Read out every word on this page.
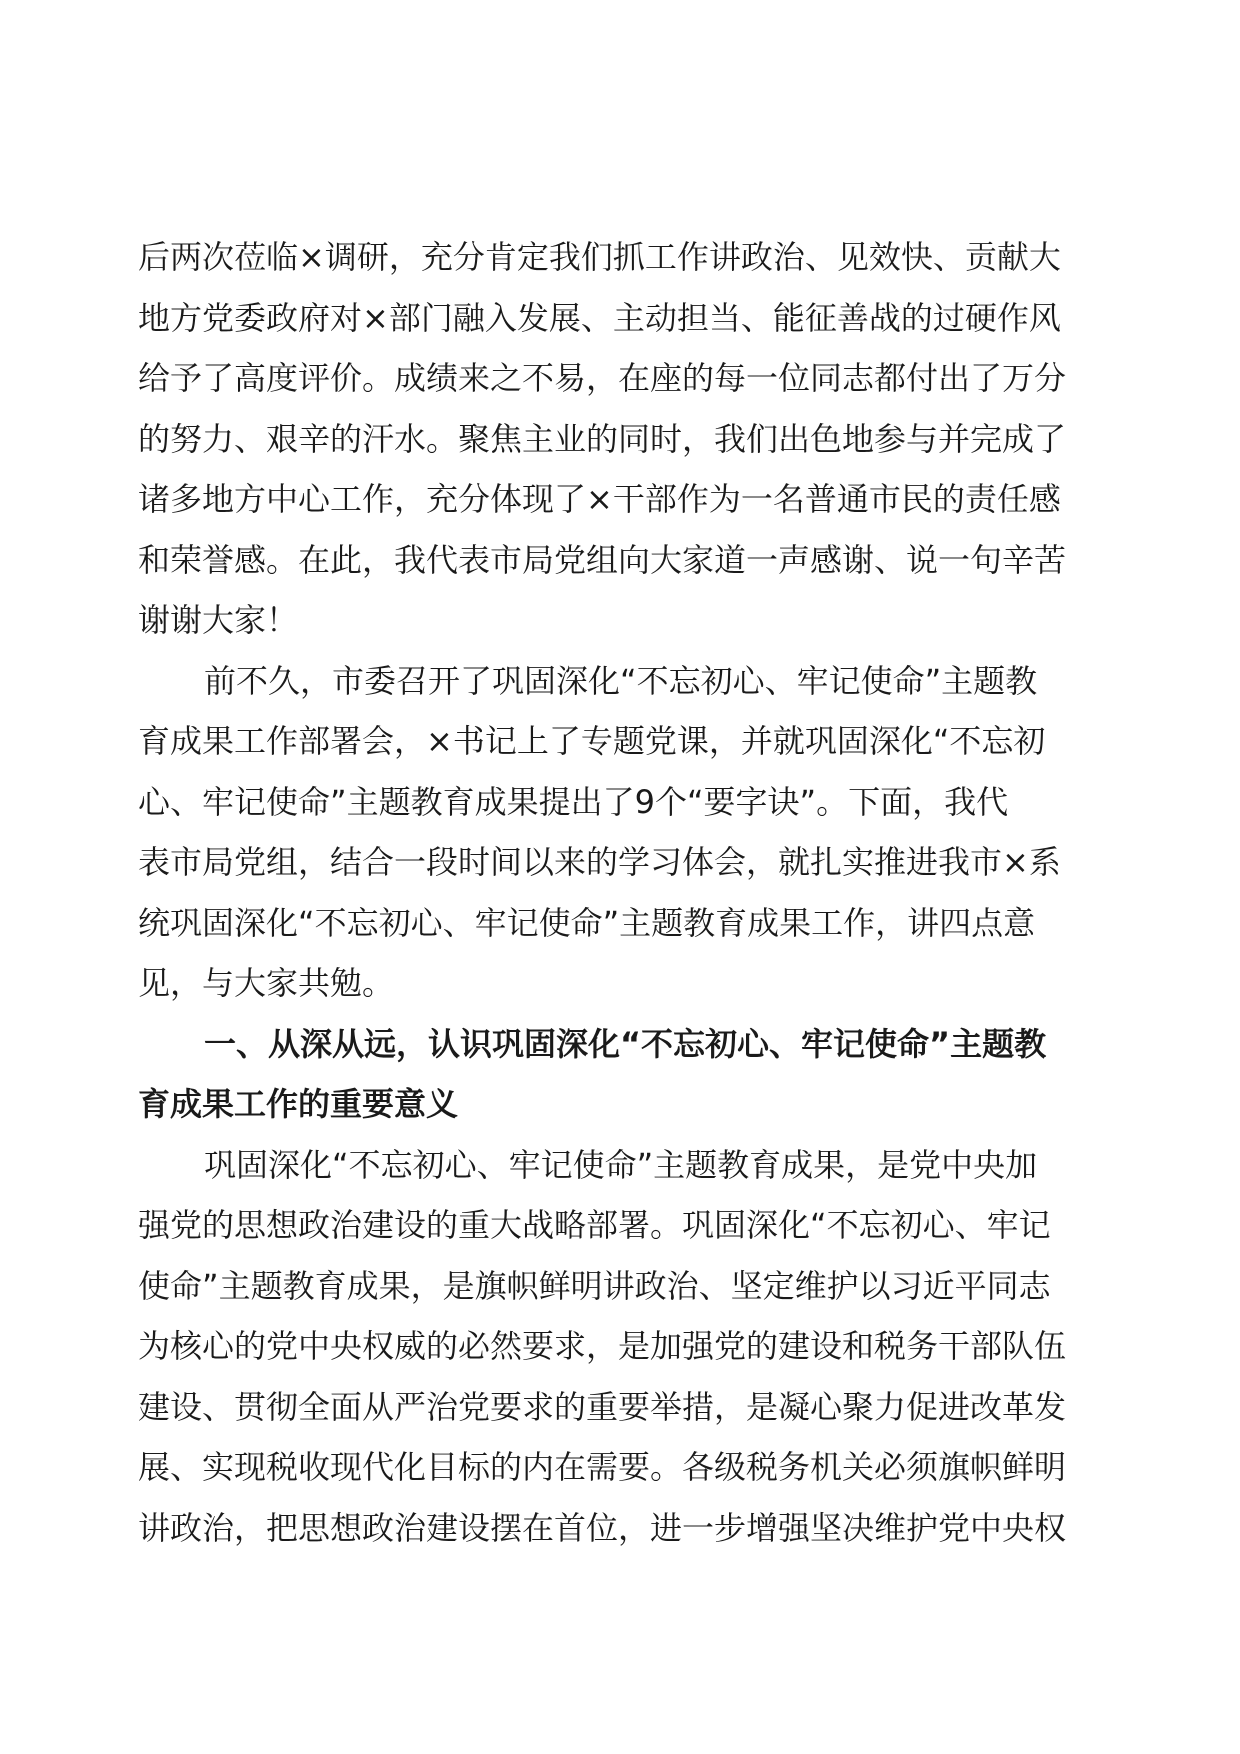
后两次莅临×调研，充分肯定我们抓工作讲政治、见效快、贡献大
地方党委政府对×部门融入发展、主动担当、能征善战的过硬作风
给予了高度评价。成绩来之不易，在座的每一位同志都付出了万分
的努力、艰辛的汗水。聚焦主业的同时，我们出色地参与并完成了
诸多地方中心工作，充分体现了×干部作为一名普通市民的责任感
和荣誉感。在此，我代表市局党组向大家道一声感谢、说一句辛苦
谢谢大家！
前不久，市委召开了巩固深化“不忘初心、牢记使命”主题教
育成果工作部署会，×书记上了专题党课，并就巩固深化“不忘初
心、牢记使命”主题教育成果提出了9个“要字诀”。下面，我代
表市局党组，结合一段时间以来的学习体会，就扎实推进我市×系
统巩固深化“不忘初心、牢记使命”主题教育成果工作，讲四点意
见，与大家共勉。
一、从深从远，认识巩固深化“不忘初心、牢记使命”主题教
育成果工作的重要意义
巩固深化“不忘初心、牢记使命”主题教育成果，是党中央加
强党的思想政治建设的重大战略部署。巩固深化“不忘初心、牢记
使命”主题教育成果，是旗帜鲜明讲政治、坚定维护以习近平同志
为核心的党中央权威的必然要求，是加强党的建设和税务干部队伍
建设、贯彻全面从严治党要求的重要举措，是凝心聚力促进改革发
展、实现税收现代化目标的内在需要。各级税务机关必须旗帜鲜明
讲政治，把思想政治建设摆在首位，进一步增强坚决维护党中央权
